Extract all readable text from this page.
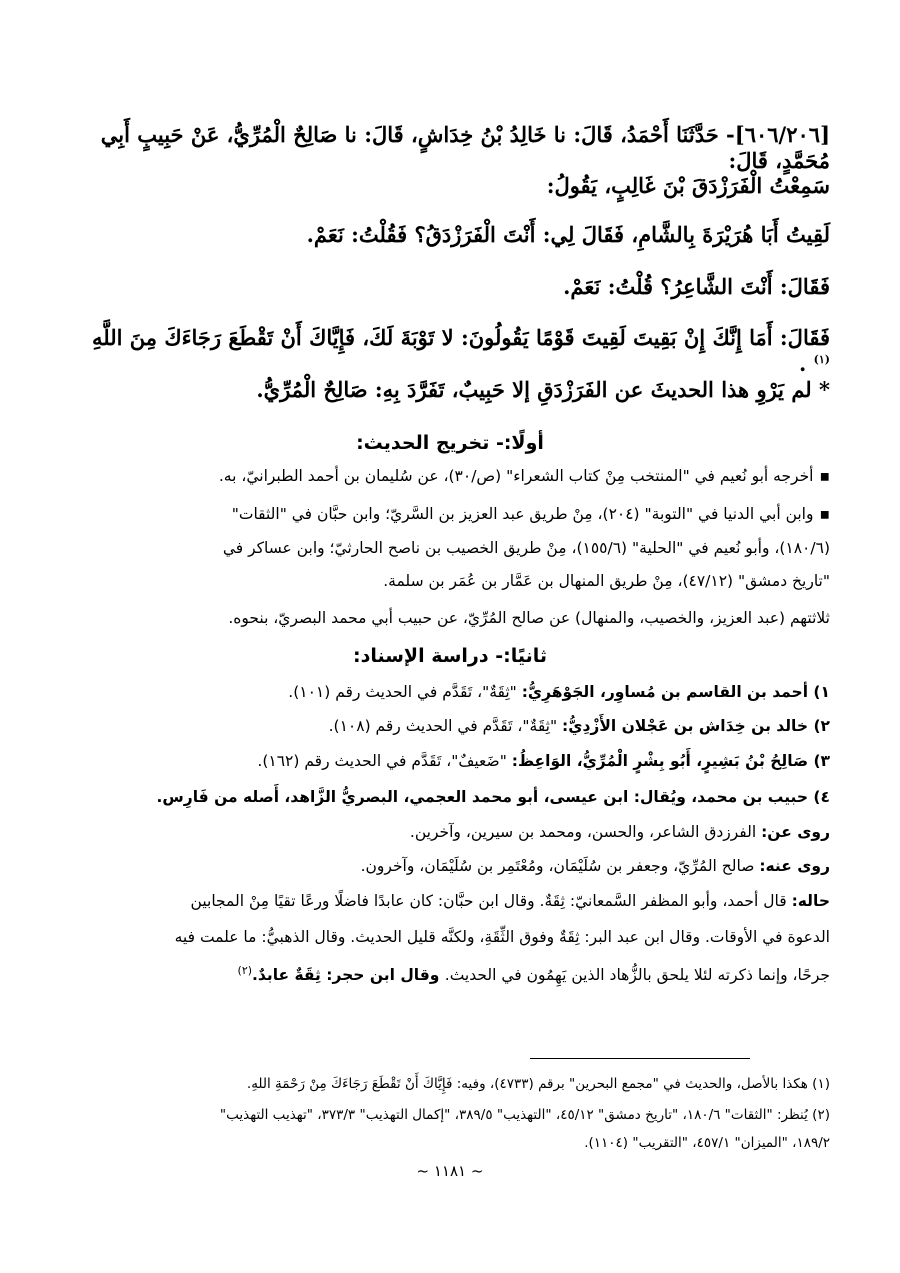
[٦٠٦/٢٠٦]- حَدَّثَنَا أَحْمَدُ، قَالَ: نا خَالِدُ بْنُ خِدَاشٍ، قَالَ: نا صَالِحٌ الْمُرِّيُّ، عَنْ حَبِيبٍ أَبِي مُحَمَّدٍ، قَالَ:
سَمِعْتُ الْفَرَزْدَقَ بْنَ غَالِبٍ، يَقُولُ:
لَقِيتُ أَبَا هُرَيْرَةَ بِالشَّامِ، فَقَالَ لِي: أَنْتَ الْفَرَزْدَقُ؟ فَقُلْتُ: نَعَمْ.
فَقَالَ: أَنْتَ الشَّاعِرُ؟ قُلْتُ: نَعَمْ.
فَقَالَ: أَمَا إِنَّكَ إِنْ بَقِيتَ لَقِيتَ قَوْمًا يَقُولُونَ: لا تَوْبَةَ لَكَ، فَإِيَّاكَ أَنْ تَقْطَعَ رَجَاءَكَ مِنَ اللَّهِ $^{(١)}$ .
* لم يَرْوِ هذا الحديثَ عن الفَرَزْدَقِ إلا حَبِيبٌ، تَفَرَّدَ بِهِ: صَالِحٌ الْمُرِّيُّ.
أولًا:- تخريج الحديث:
▪ أخرجه أبو نُعيم في "المنتخب مِنْ كتاب الشعراء" (ص/٣٠)، عن سُليمان بن أحمد الطبرانيّ، به.
▪ وابن أبي الدنيا في "التوبة" (٢٠٤)، مِنْ طريق عبد العزيز بن السَّريّ؛ وابن حبَّان في "الثقات"
(١٨٠/٦)، وأبو نُعيم في "الحلية" (١٥٥/٦)، مِنْ طريق الخصيب بن ناصح الحارثيّ؛ وابن عساكر في
"تاريخ دمشق" (٤٧/١٢)، مِنْ طريق المنهال بن عَمَّار بن عُمَر بن سلمة.
ثلاثتهم (عبد العزيز، والخصيب، والمنهال) عن صالح المُرِّيّ، عن حبيب أبي محمد البصريّ، بنحوه.
ثانيًا:- دراسة الإسناد:
١) أحمد بن القاسم بن مُساوِر، الجَوْهَرِيُّ: "ثِقَةٌ"، تَقَدَّم في الحديث رقم (١٠١).
٢) خالد بن خِدَاش بن عَجْلان الأَزْدِيُّ: "ثِقَةٌ"، تَقَدَّم في الحديث رقم (١٠٨).
٣) صَالِحُ بْنُ بَشِيرٍ، أَبُو بِشْرٍ الْمُرِّيُّ، الوَاعِظُ: "ضَعيفٌ"، تَقَدَّم في الحديث رقم (١٦٢).
٤) حبيب بن محمد، ويُقال: ابن عيسى، أبو محمد العجمي، البصريُّ الزَّاهد، أَصله من فَارِس.
روى عن: الفرزدق الشاعر، والحسن، ومحمد بن سيرين، وآخرين.
روى عنه: صالح المُرِّيّ، وجعفر بن سُلَيْمَان، ومُعْتَمِر بن سُلَيْمَان، وآخرون.
حاله: قال أحمد، وأبو المظفر السَّمعانيّ: ثِقَةٌ. وقال ابن حبَّان: كان عابدًا فاضلًا ورعًا تقيًا مِنْ المجابين
الدعوة في الأوقات. وقال ابن عبد البر: ثِقَةٌ وفوق الثِّقَةِ، ولكنَّه قليل الحديث. وقال الذهبيُّ: ما علمت فيه
جرحًا، وإنما ذكرته لئلا يلحق بالزُّهاد الذين يَهِمُون في الحديث. وقال ابن حجر: ثِقَةٌ عابدٌ.$^{(٢)}$
(١) هكذا بالأصل، والحديث في "مجمع البحرين" برقم (٤٧٣٣)، وفيه: فَإِيَّاكَ أَنْ تَقْطَعَ رَجَاءَكَ مِنْ رَحْمَةِ اللهِ.
(٢) يُنظر: "الثقات" ١٨٠/٦، "تاريخ دمشق" ٤٥/١٢، "التهذيب" ٣٨٩/٥، "إكمال التهذيب" ٣٧٣/٣، "تهذيب التهذيب"
١٨٩/٢، "الميزان" ٤٥٧/١، "التقريب" (١١٠٤).
~ ١١٨١ ~
